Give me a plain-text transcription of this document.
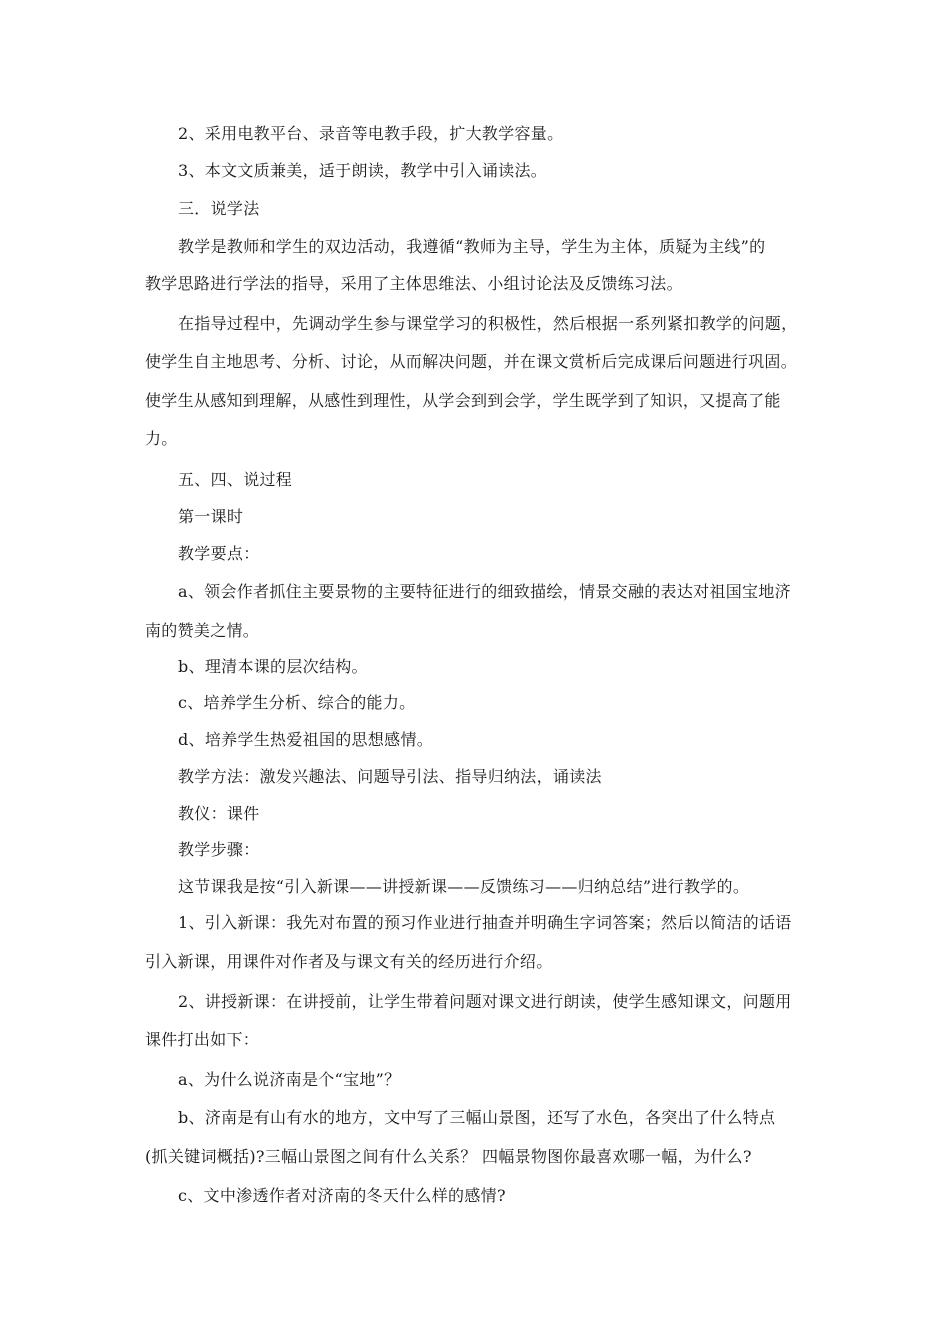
2、采用电教平台、录音等电教手段，扩大教学容量。
3、本文文质兼美，适于朗读，教学中引入诵读法。
三．说学法
教学是教师和学生的双边活动，我遵循“教师为主导，学生为主体，质疑为主线”的
教学思路进行学法的指导，采用了主体思维法、小组讨论法及反馈练习法。
在指导过程中，先调动学生参与课堂学习的积极性，然后根据一系列紧扣教学的问题，
使学生自主地思考、分析、讨论，从而解决问题，并在课文赏析后完成课后问题进行巩固。
使学生从感知到理解，从感性到理性，从学会到到会学，学生既学到了知识，又提高了能
力。
五、四、说过程
第一课时
教学要点：
a、领会作者抓住主要景物的主要特征进行的细致描绘，情景交融的表达对祖国宝地济
南的赞美之情。
b、理清本课的层次结构。
c、培养学生分析、综合的能力。
d、培养学生热爱祖国的思想感情。
教学方法：激发兴趣法、问题导引法、指导归纳法，诵读法
教仪：课件
教学步骤：
这节课我是按“引入新课——讲授新课——反馈练习——归纳总结”进行教学的。
1、引入新课：我先对布置的预习作业进行抽查并明确生字词答案；然后以简洁的话语
引入新课，用课件对作者及与课文有关的经历进行介绍。
2、讲授新课：在讲授前，让学生带着问题对课文进行朗读，使学生感知课文，问题用
课件打出如下：
a、为什么说济南是个“宝地”？
b、济南是有山有水的地方，文中写了三幅山景图，还写了水色，各突出了什么特点
(抓关键词概括)?三幅山景图之间有什么关系？ 四幅景物图你最喜欢哪一幅，为什么?
c、文中渗透作者对济南的冬天什么样的感情?
